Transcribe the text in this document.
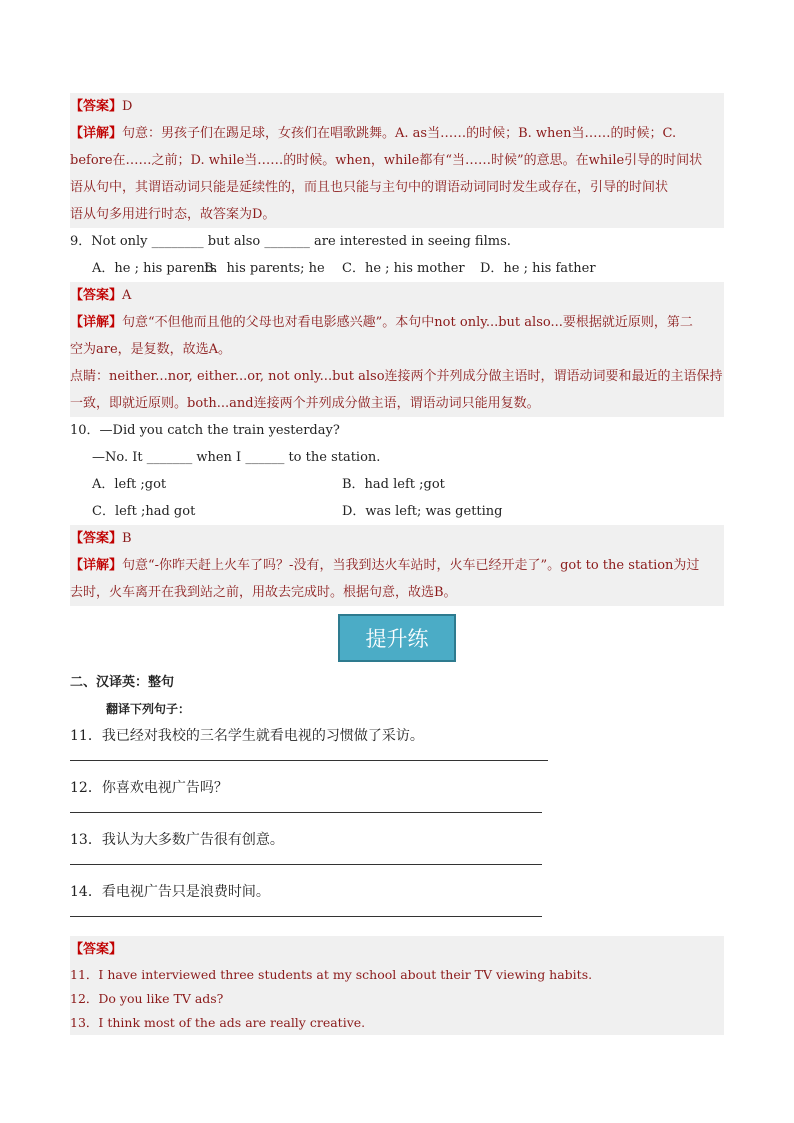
【答案】D
【详解】句意：男孩子们在踢足球，女孩们在唱歌跳舞。A. as当……的时候；B. when当……的时候；C.
before在……之前；D. while当……的时候。when，while都有“当……时候”的意思。在while引导的时间状
语从句中，其谓语动词只能是延续性的，而且也只能与主句中的谓语动词同时发生或存在，引导的时间状
语从句多用进行时态，故答案为D。
9．Not only ________ but also _______ are interested in seeing films.
A．he ; his parents
B．his parents; he	C．he ; his mother	D．he ; his father
【答案】A
【详解】句意“不但他而且他的父母也对看电影感兴趣”。本句中not only...but also...要根据就近原则，第二
空为are，是复数，故选A。
点睛：neither...nor, either...or, not only...but also连接两个并列成分做主语时，谓语动词要和最近的主语保持
一致，即就近原则。both...and连接两个并列成分做主语，谓语动词只能用复数。
10．—Did you catch the train yesterday?
—No. It _______ when I ______ to the station.
A．left ;got	B．had left ;got
C．left ;had got	D．was left; was getting
【答案】B
【详解】句意“-你昨天赶上火车了吗？-没有，当我到达火车站时，火车已经开走了”。got to the station为过
去时，火车离开在我到站之前，用故去完成时。根据句意，故选B。
提升练
二、汉译英：整句
翻译下列句子：
11．我已经对我校的三名学生就看电视的习惯做了采访。
12．你喜欢电视广告吗？
13．我认为大多数广告很有创意。
14．看电视广告只是浪费时间。
【答案】
11．I have interviewed three students at my school about their TV viewing habits.
12．Do you like TV ads?
13．I think most of the ads are really creative.
